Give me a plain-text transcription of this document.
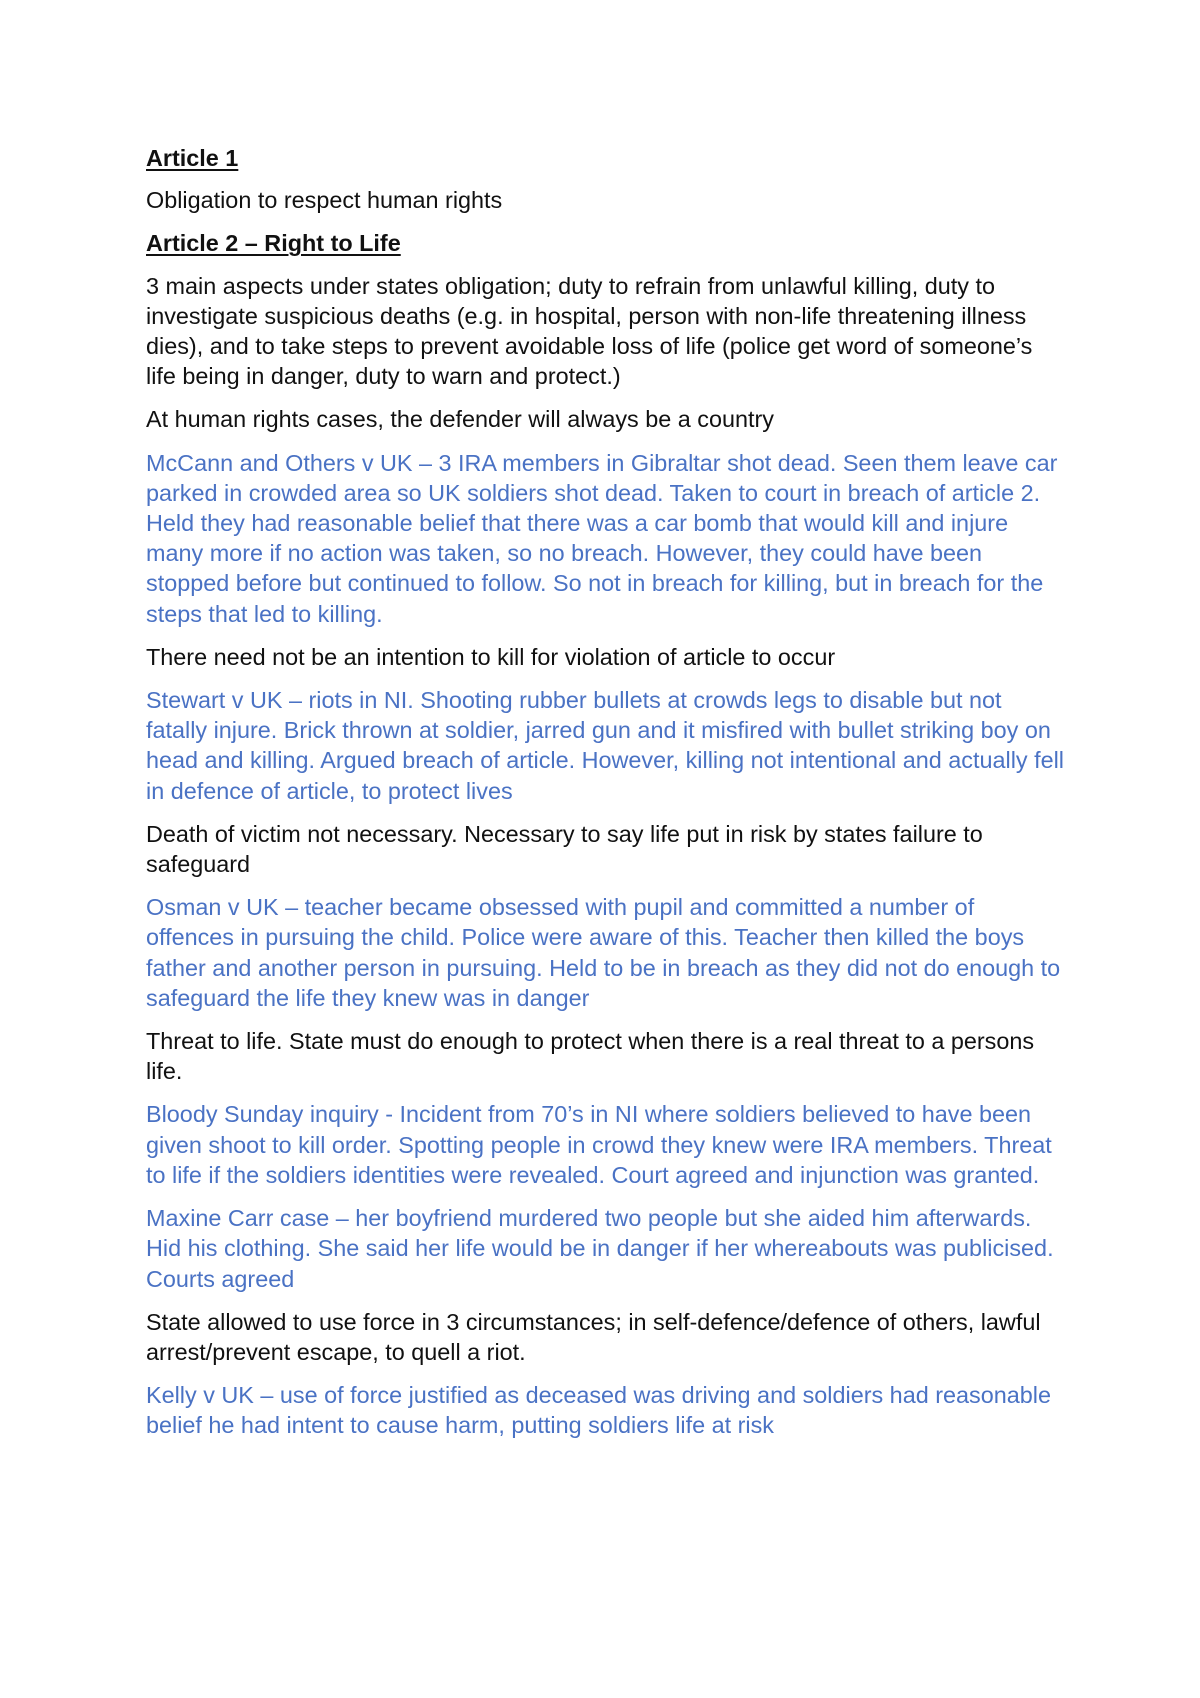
Article 1
Obligation to respect human rights
Article 2 – Right to Life
3 main aspects under states obligation; duty to refrain from unlawful killing, duty to investigate suspicious deaths (e.g. in hospital, person with non-life threatening illness dies), and to take steps to prevent avoidable loss of life (police get word of someone’s life being in danger, duty to warn and protect.)
At human rights cases, the defender will always be a country
McCann and Others v UK – 3 IRA members in Gibraltar shot dead. Seen them leave car parked in crowded area so UK soldiers shot dead. Taken to court in breach of article 2. Held they had reasonable belief that there was a car bomb that would kill and injure many more if no action was taken, so no breach. However, they could have been stopped before but continued to follow. So not in breach for killing, but in breach for the steps that led to killing.
There need not be an intention to kill for violation of article to occur
Stewart v UK – riots in NI. Shooting rubber bullets at crowds legs to disable but not fatally injure. Brick thrown at soldier, jarred gun and it misfired with bullet striking boy on head and killing. Argued breach of article. However, killing not intentional and actually fell in defence of article, to protect lives
Death of victim not necessary. Necessary to say life put in risk by states failure to safeguard
Osman v UK – teacher became obsessed with pupil and committed a number of offences in pursuing the child. Police were aware of this. Teacher then killed the boys father and another person in pursuing. Held to be in breach as they did not do enough to safeguard the life they knew was in danger
Threat to life. State must do enough to protect when there is a real threat to a persons life.
Bloody Sunday inquiry - Incident from 70’s in NI where soldiers believed to have been given shoot to kill order. Spotting people in crowd they knew were IRA members. Threat to life if the soldiers identities were revealed. Court agreed and injunction was granted.
Maxine Carr case – her boyfriend murdered two people but she aided him afterwards. Hid his clothing. She said her life would be in danger if her whereabouts was publicised. Courts agreed
State allowed to use force in 3 circumstances; in self-defence/defence of others, lawful arrest/prevent escape, to quell a riot.
Kelly v UK – use of force justified as deceased was driving and soldiers had reasonable belief he had intent to cause harm, putting soldiers life at risk
